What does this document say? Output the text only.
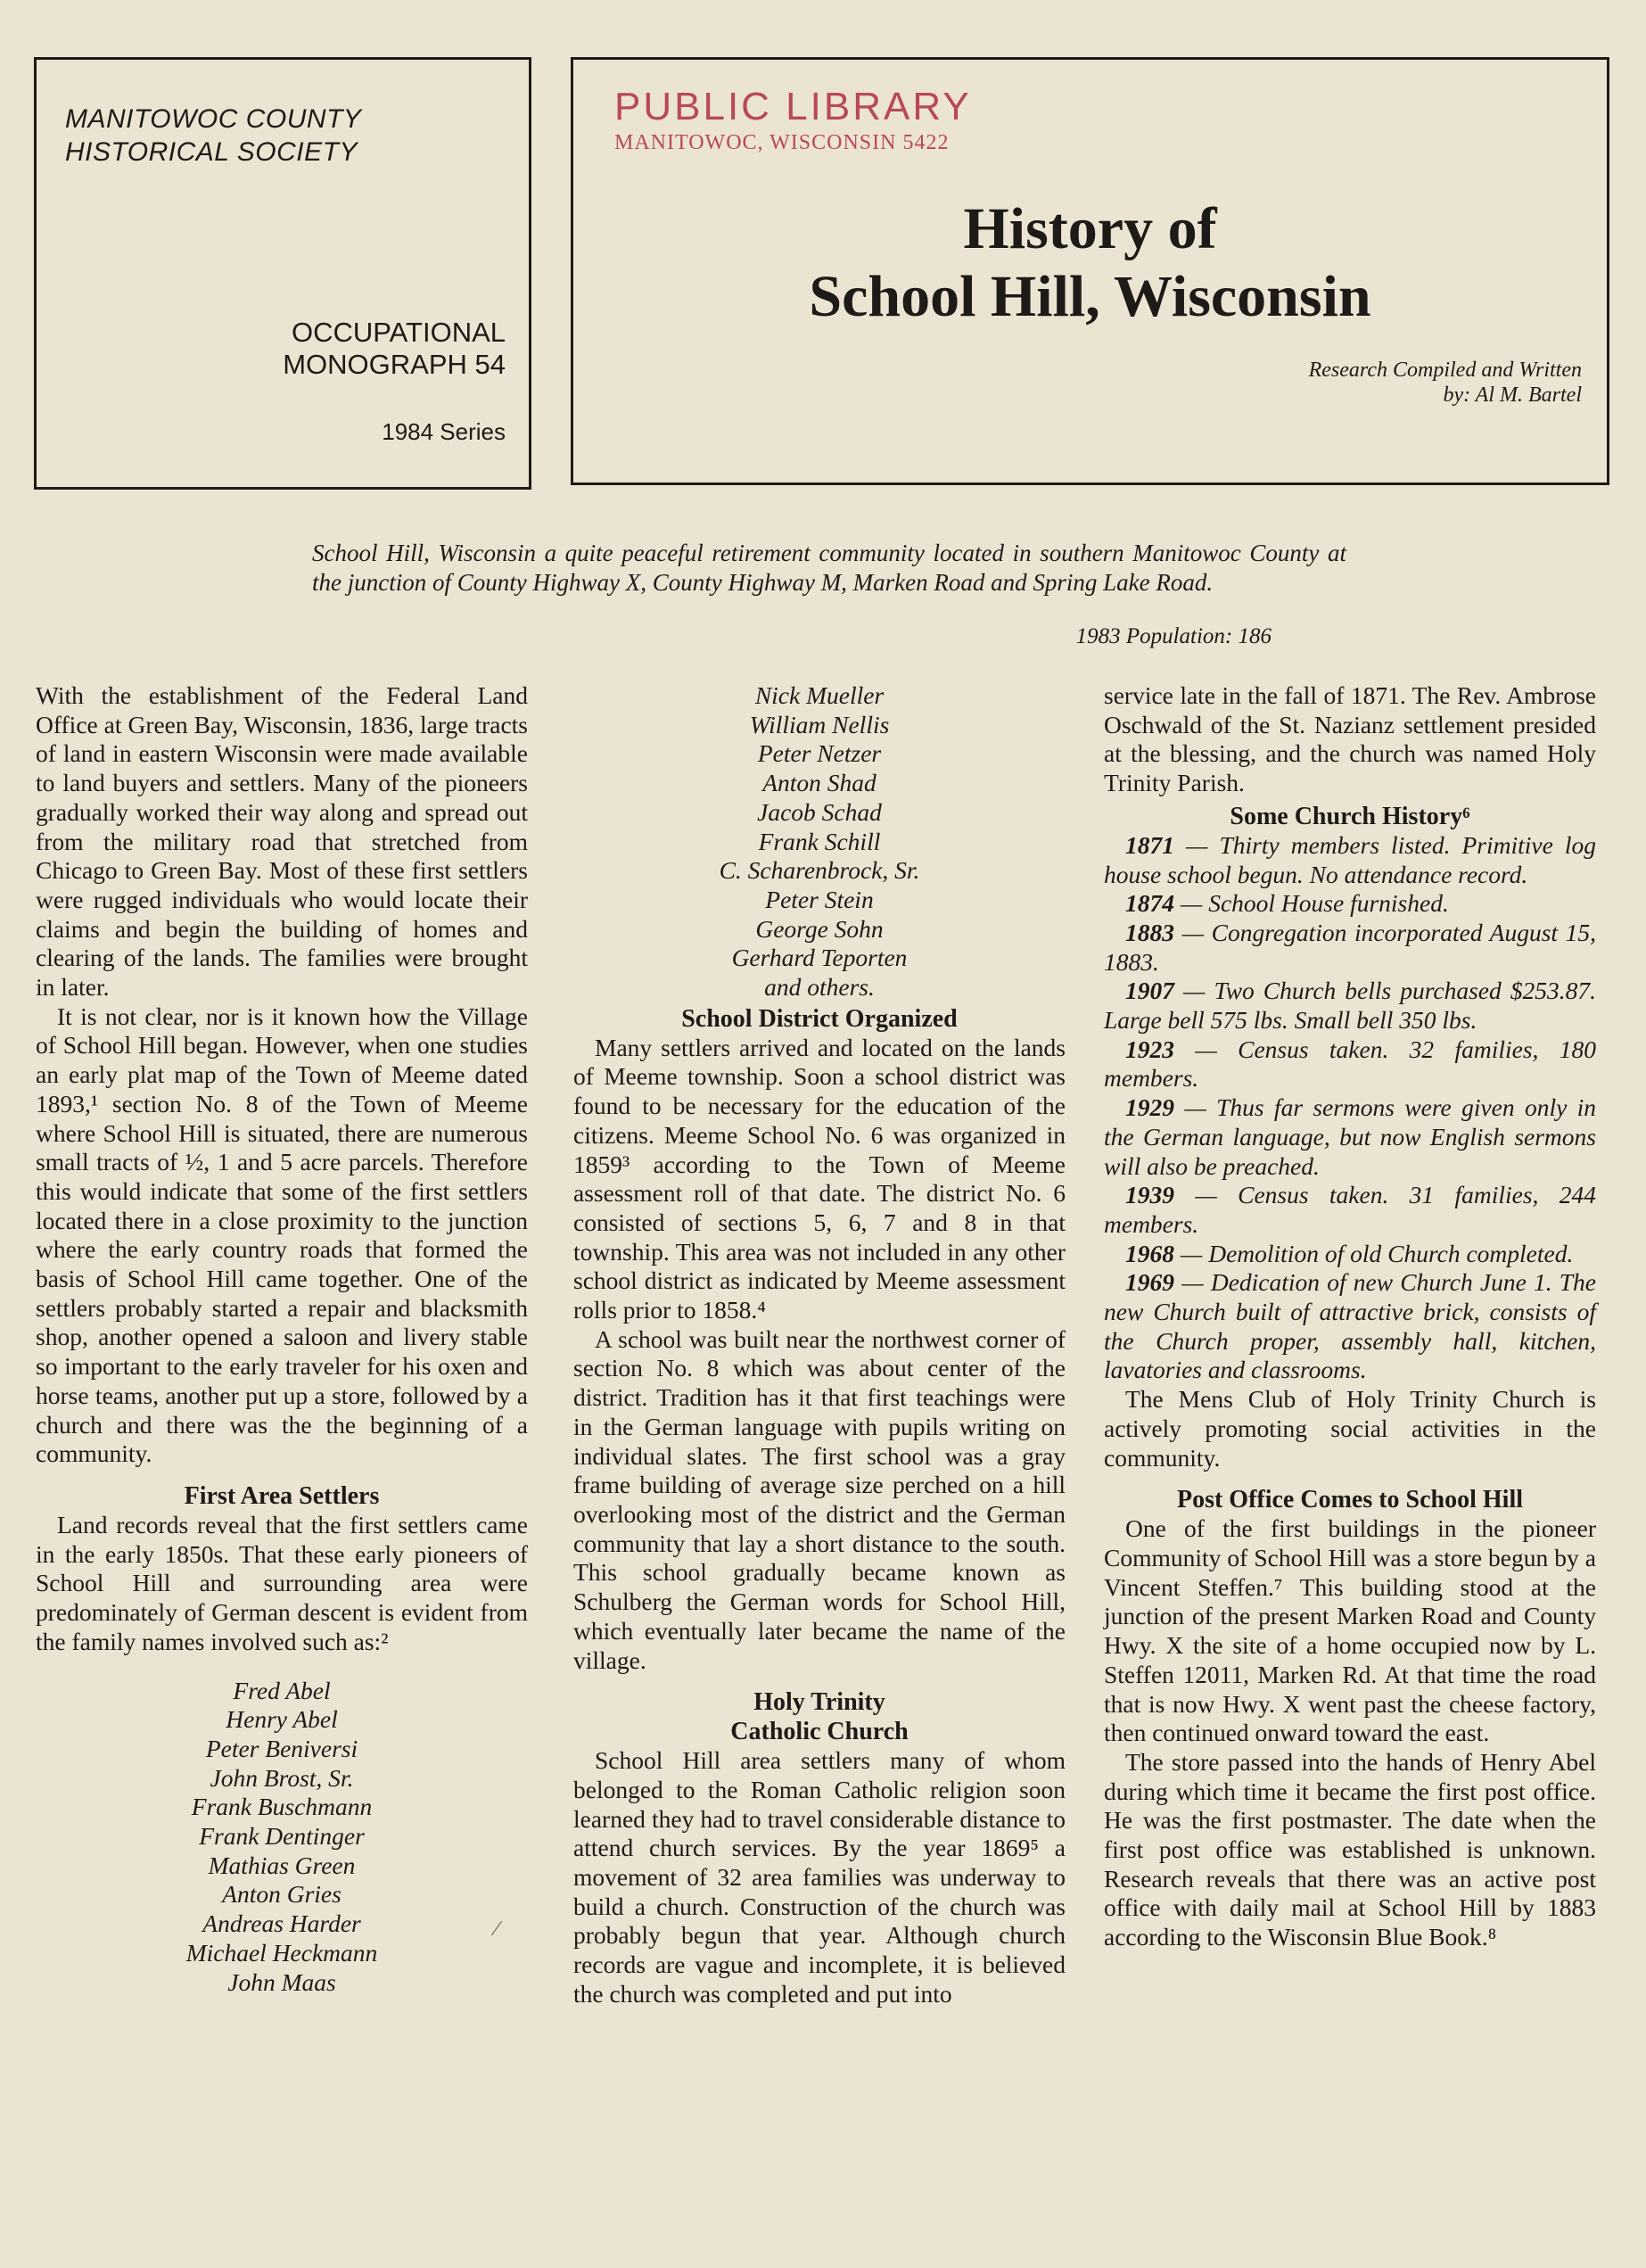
MANITOWOC COUNTY
HISTORICAL SOCIETY
OCCUPATIONAL
MONOGRAPH 54
1984 Series
PUBLIC LIBRARY
MANITOWOC, WISCONSIN 5422
History of
School Hill, Wisconsin
Research Compiled and Written
by: Al M. Bartel
School Hill, Wisconsin a quite peaceful retirement community located in southern Manitowoc County at the junction of County Highway X, County Highway M, Marken Road and Spring Lake Road.
1983 Population: 186

With the establishment of the Federal Land Office at Green Bay, Wisconsin, 1836, large tracts of land in eastern Wisconsin were made available to land buyers and settlers. Many of the pioneers gradually worked their way along and spread out from the military road that stretched from Chicago to Green Bay. Most of these first settlers were rugged individuals who would locate their claims and begin the building of homes and clearing of the lands. The families were brought in later.

It is not clear, nor is it known how the Village of School Hill began. However, when one studies an early plat map of the Town of Meeme dated 1893,¹ section No. 8 of the Town of Meeme where School Hill is situated, there are numerous small tracts of ½, 1 and 5 acre parcels. Therefore this would indicate that some of the first settlers located there in a close proximity to the junction where the early country roads that formed the basis of School Hill came together. One of the settlers probably started a repair and blacksmith shop, another opened a saloon and livery stable so important to the early traveler for his oxen and horse teams, another put up a store, followed by a church and there was the the beginning of a community.

First Area Settlers

Land records reveal that the first settlers came in the early 1850s. That these early pioneers of School Hill and surrounding area were predominately of German descent is evident from the family names involved such as:²

Fred Abel
Henry Abel
Peter Beniversi
John Brost, Sr.
Frank Buschmann
Frank Dentinger
Mathias Green
Anton Gries
Andreas Harder
Michael Heckmann
John Maas
Nick Mueller
William Nellis
Peter Netzer
Anton Shad
Jacob Schad
Frank Schill
C. Scharenbrock, Sr.
Peter Stein
George Sohn
Gerhard Teporten
and others.
School District Organized

Many settlers arrived and located on the lands of Meeme township. Soon a school district was found to be necessary for the education of the citizens. Meeme School No. 6 was organized in 1859³ according to the Town of Meeme assessment roll of that date. The district No. 6 consisted of sections 5, 6, 7 and 8 in that township. This area was not included in any other school district as indicated by Meeme assessment rolls prior to 1858.⁴

A school was built near the northwest corner of section No. 8 which was about center of the district. Tradition has it that first teachings were in the German language with pupils writing on individual slates. The first school was a gray frame building of average size perched on a hill overlooking most of the district and the German community that lay a short distance to the south. This school gradually became known as Schulberg the German words for School Hill, which eventually later became the name of the village.

Holy Trinity
Catholic Church

School Hill area settlers many of whom belonged to the Roman Catholic religion soon learned they had to travel considerable distance to attend church services. By the year 1869⁵ a movement of 32 area families was underway to build a church. Construction of the church was probably begun that year. Although church records are vague and incomplete, it is believed the church was completed and put into

service late in the fall of 1871. The Rev. Ambrose Oschwald of the St. Nazianz settlement presided at the blessing, and the church was named Holy Trinity Parish.

Some Church History⁶

1871 — Thirty members listed. Primitive log house school begun. No attendance record.

1874 — School House furnished.

1883 — Congregation incorporated August 15, 1883.

1907 — Two Church bells purchased $253.87. Large bell 575 lbs. Small bell 350 lbs.

1923 — Census taken. 32 families, 180 members.

1929 — Thus far sermons were given only in the German language, but now English sermons will also be preached.

1939 — Census taken. 31 families, 244 members.

1968 — Demolition of old Church completed.

1969 — Dedication of new Church June 1. The new Church built of attractive brick, consists of the Church proper, assembly hall, kitchen, lavatories and classrooms.

The Mens Club of Holy Trinity Church is actively promoting social activities in the community.

Post Office Comes to School Hill

One of the first buildings in the pioneer Community of School Hill was a store begun by a Vincent Steffen.⁷ This building stood at the junction of the present Marken Road and County Hwy. X the site of a home occupied now by L. Steffen 12011, Marken Rd. At that time the road that is now Hwy. X went past the cheese factory, then continued onward toward the east.

The store passed into the hands of Henry Abel during which time it became the first post office. He was the first postmaster. The date when the first post office was established is unknown. Research reveals that there was an active post office with daily mail at School Hill by 1883 according to the Wisconsin Blue Book.⁸

⁄
